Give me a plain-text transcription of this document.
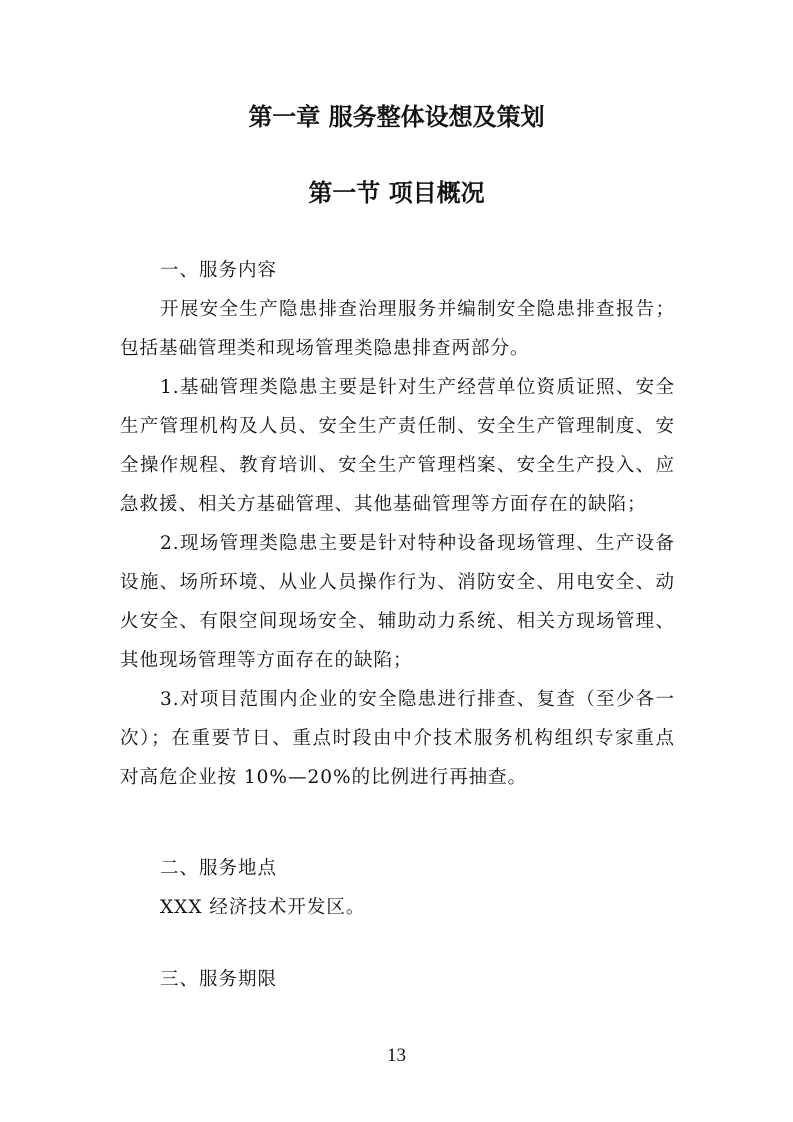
第一章 服务整体设想及策划
第一节 项目概况

一、服务内容

开展安全生产隐患排查治理服务并编制安全隐患排查报告；包括基础管理类和现场管理类隐患排查两部分。

1.基础管理类隐患主要是针对生产经营单位资质证照、安全生产管理机构及人员、安全生产责任制、安全生产管理制度、安全操作规程、教育培训、安全生产管理档案、安全生产投入、应急救援、相关方基础管理、其他基础管理等方面存在的缺陷；

2.现场管理类隐患主要是针对特种设备现场管理、生产设备设施、场所环境、从业人员操作行为、消防安全、用电安全、动火安全、有限空间现场安全、辅助动力系统、相关方现场管理、其他现场管理等方面存在的缺陷；

3.对项目范围内企业的安全隐患进行排查、复查（至少各一次）；在重要节日、重点时段由中介技术服务机构组织专家重点对高危企业按 10%—20%的比例进行再抽查。

二、服务地点

XXX 经济技术开发区。

三、服务期限

13
